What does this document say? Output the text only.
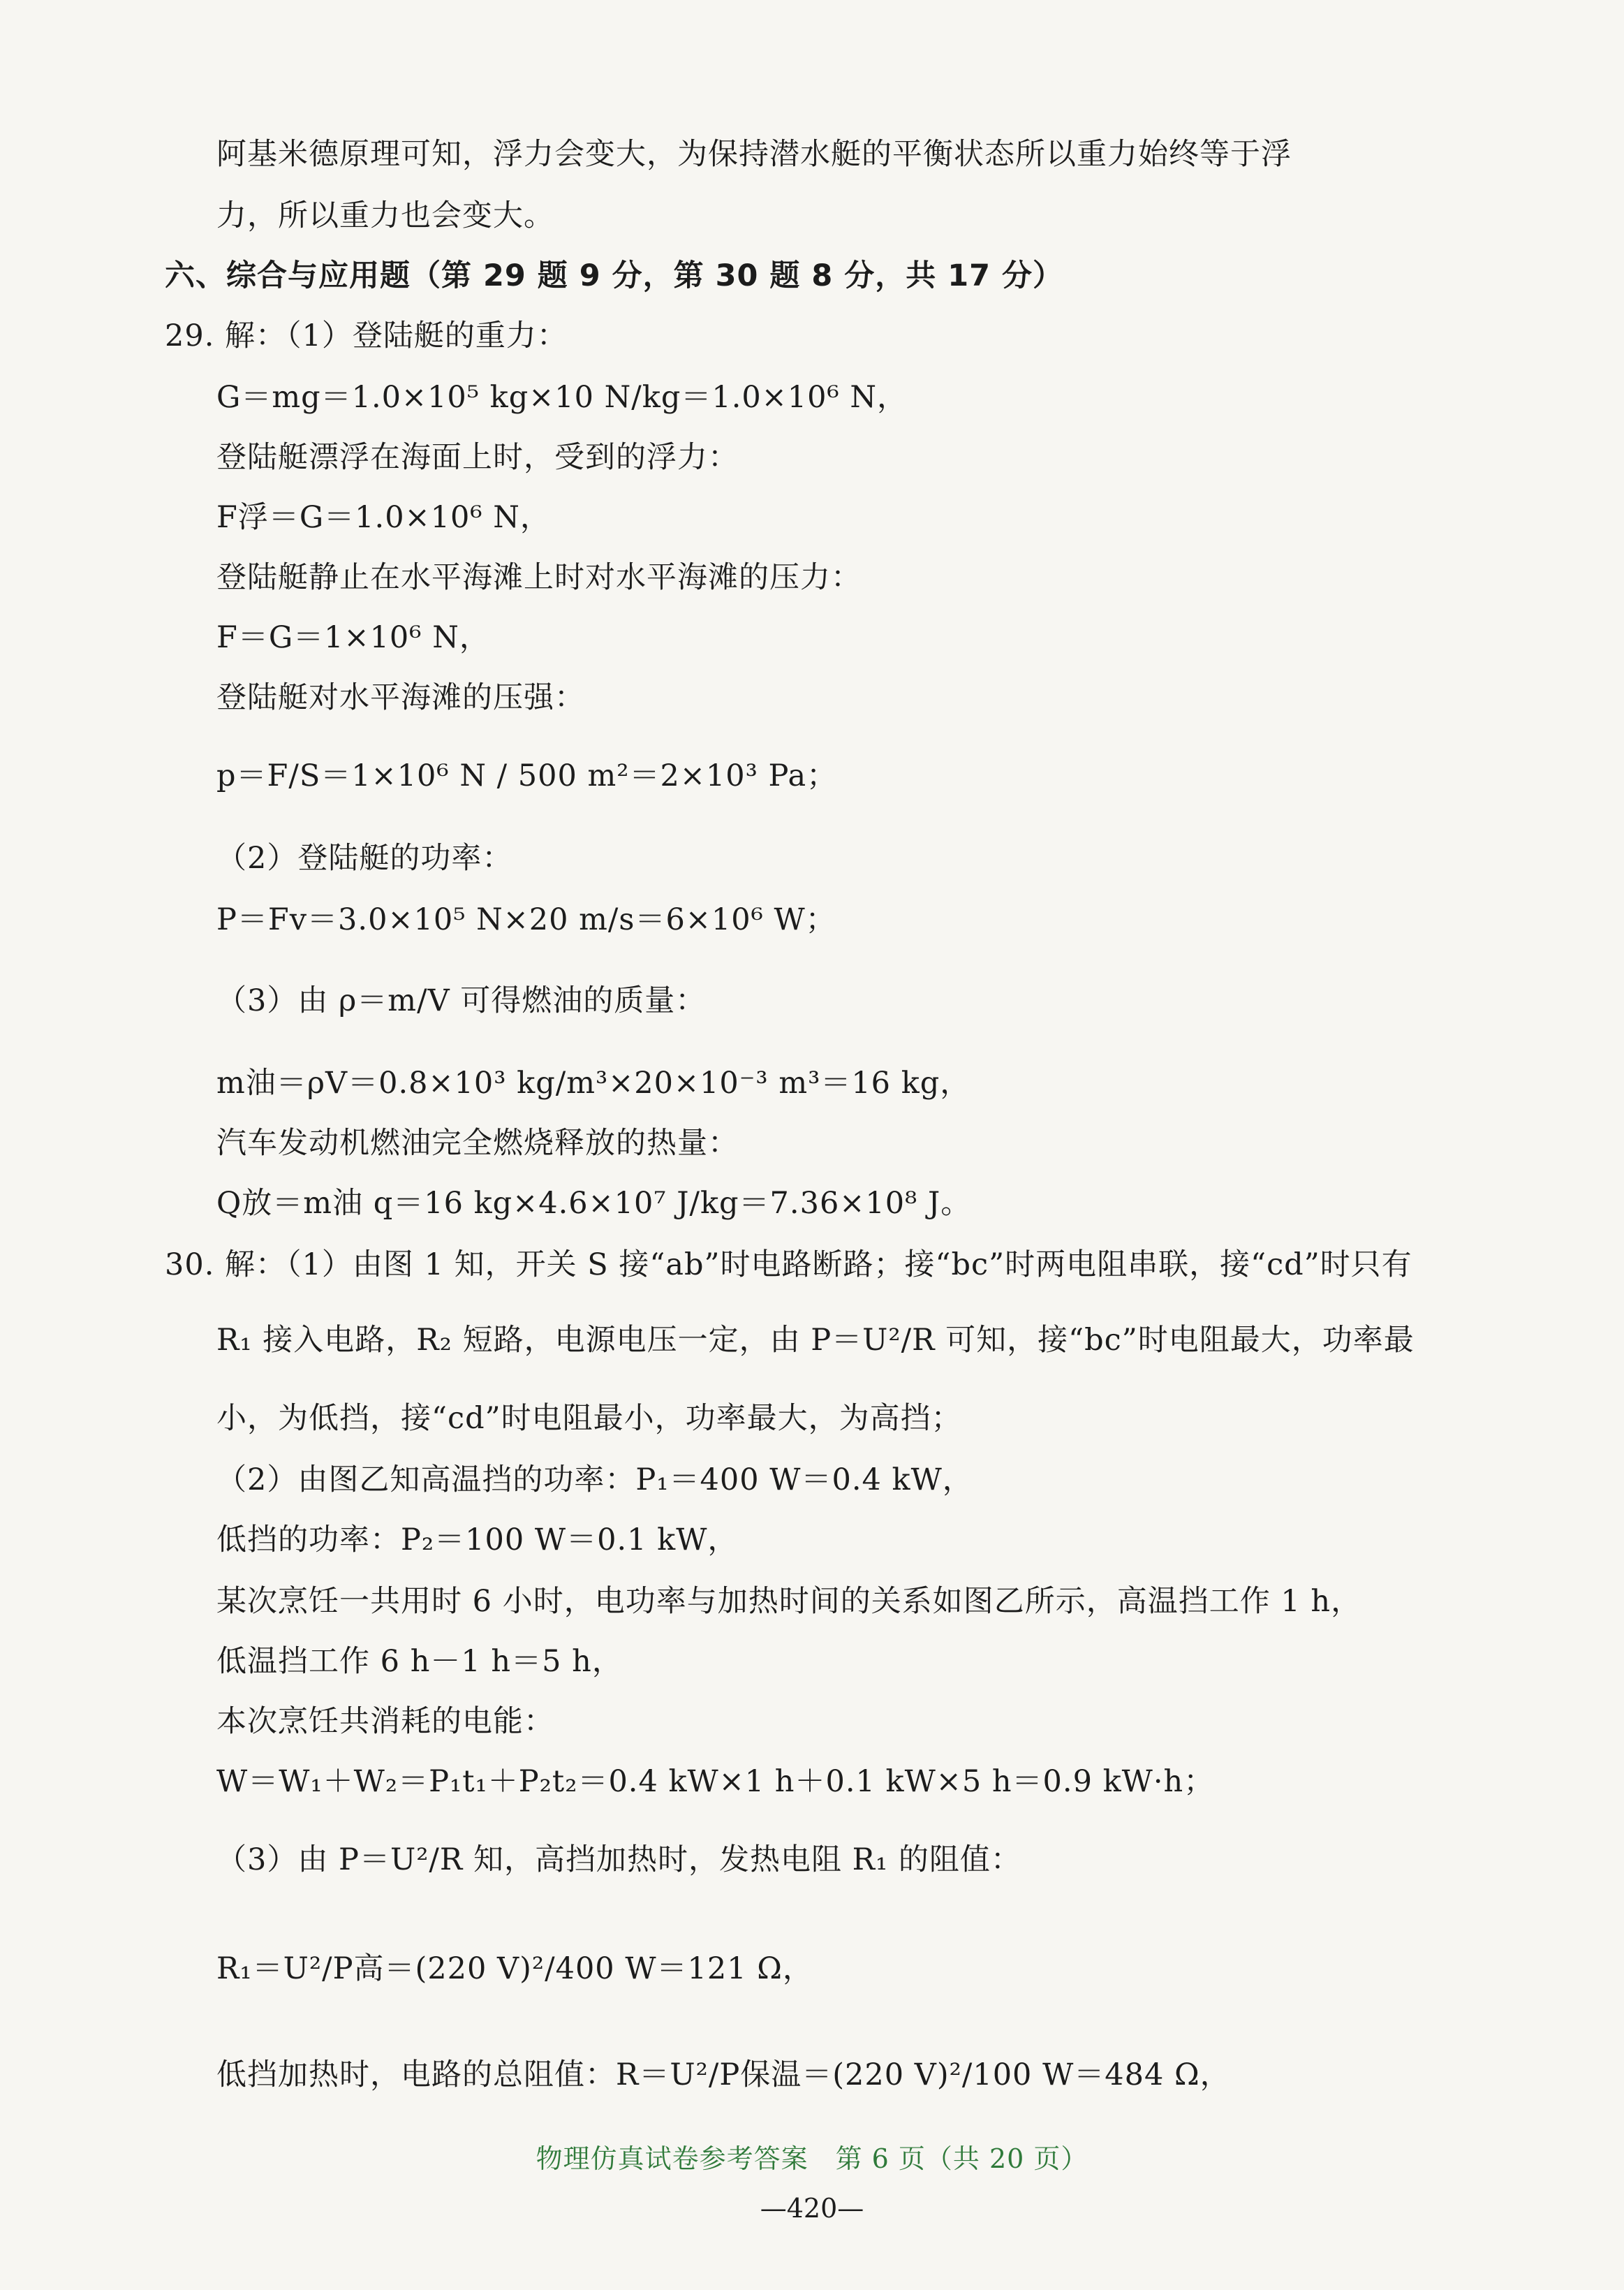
阿基米德原理可知，浮力会变大，为保持潜水艇的平衡状态所以重力始终等于浮
力，所以重力也会变大。
六、综合与应用题（第 29 题 9 分，第 30 题 8 分，共 17 分）
29. 解：（1）登陆艇的重力：
G＝mg＝1.0×10⁵ kg×10 N/kg＝1.0×10⁶ N，
登陆艇漂浮在海面上时，受到的浮力：
F浮＝G＝1.0×10⁶ N，
登陆艇静止在水平海滩上时对水平海滩的压力：
F＝G＝1×10⁶ N，
登陆艇对水平海滩的压强：
p＝F/S＝1×10⁶ N / 500 m²＝2×10³ Pa；
（2）登陆艇的功率：
P＝Fv＝3.0×10⁵ N×20 m/s＝6×10⁶ W；
（3）由 ρ＝m/V 可得燃油的质量：
m油＝ρV＝0.8×10³ kg/m³×20×10⁻³ m³＝16 kg，
汽车发动机燃油完全燃烧释放的热量：
Q放＝m油 q＝16 kg×4.6×10⁷ J/kg＝7.36×10⁸ J。
30. 解：（1）由图 1 知，开关 S 接“ab”时电路断路；接“bc”时两电阻串联，接“cd”时只有
R₁ 接入电路，R₂ 短路，电源电压一定，由 P＝U²/R 可知，接“bc”时电阻最大，功率最
小，为低挡，接“cd”时电阻最小，功率最大，为高挡；
（2）由图乙知高温挡的功率：P₁＝400 W＝0.4 kW，
低挡的功率：P₂＝100 W＝0.1 kW，
某次烹饪一共用时 6 小时，电功率与加热时间的关系如图乙所示，高温挡工作 1 h，
低温挡工作 6 h－1 h＝5 h，
本次烹饪共消耗的电能：
W＝W₁＋W₂＝P₁t₁＋P₂t₂＝0.4 kW×1 h＋0.1 kW×5 h＝0.9 kW·h；
（3）由 P＝U²/R 知，高挡加热时，发热电阻 R₁ 的阻值：
R₁＝U²/P高＝(220 V)²/400 W＝121 Ω，
低挡加热时，电路的总阻值：R＝U²/P保温＝(220 V)²/100 W＝484 Ω，
物理仿真试卷参考答案　第 6 页（共 20 页）
—420—
